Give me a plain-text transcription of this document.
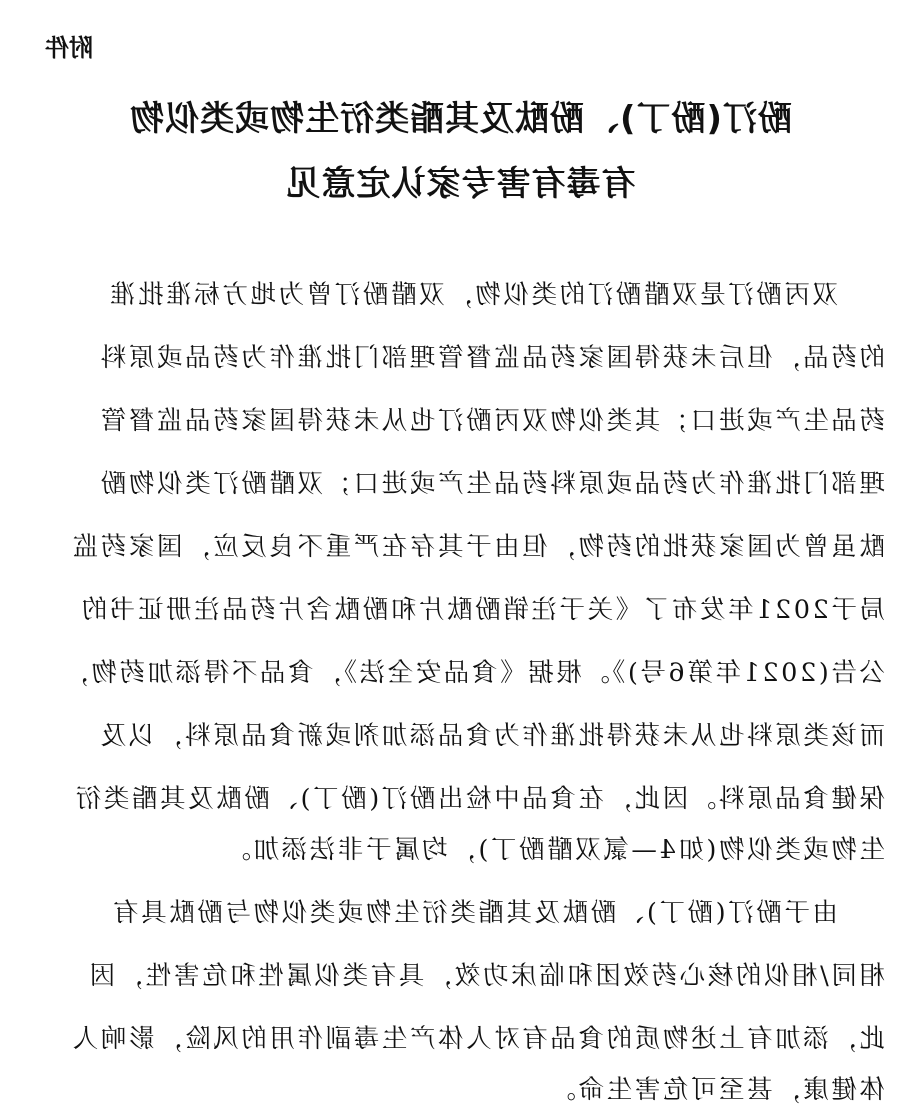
附件
酚汀(酚丁)、酚酞及其酯类衍生物或类似物
有毒有害专家认定意见
双丙酚汀是双醋酚汀的类似物，双醋酚汀曾为地方标准批准
的药品，但后未获得国家药品监督管理部门批准作为药品或原料
药品生产或进口；其类似物双丙酚汀也从未获得国家药品监督管
理部门批准作为药品或原料药品生产或进口；双醋酚汀类似物酚
酞虽曾为国家获批的药物，但由于其存在严重不良反应，国家药监
局于2021年发布了《关于注销酚酞片和酚酞含片药品注册证书的
公告(2021年第6号)》。根据《食品安全法》，食品不得添加药物，
而该类原料也从未获得批准作为食品添加剂或新食品原料，以及
保健食品原料。因此，在食品中检出酚汀(酚丁)、酚酞及其酯类衍
生物或类似物(如4—氯双醋酚丁)，均属于非法添加。
由于酚汀(酚丁)、酚酞及其酯类衍生物或类似物与酚酞具有
相同/相似的核心药效团和临床功效，具有类似属性和危害性，因
此，添加有上述物质的食品有对人体产生毒副作用的风险，影响人
体健康，甚至可危害生命。
